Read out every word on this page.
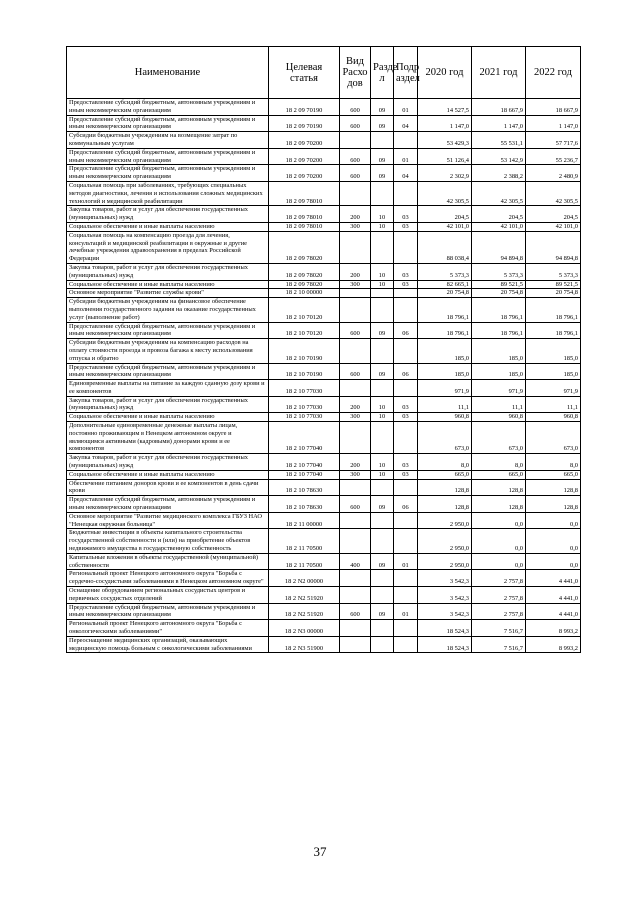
Наименование	Целевая статья	Вид Расхо дов	Разде л	Подр аздел	2020 год	2021 год	2022 год
Предоставление субсидий бюджетным, автономным учреждениям и иным некоммерческим организациям	18 2 09 70190	600	09	01	14 527,5	18 667,9	18 667,9
Предоставление субсидий бюджетным, автономным учреждениям и иным некоммерческим организациям	18 2 09 70190	600	09	04	1 147,0	1 147,0	1 147,0
Субсидии бюджетным учреждениям на возмещение затрат по коммунальным услугам	18 2 09 70200				53 429,3	55 531,1	57 717,6
Предоставление субсидий бюджетным, автономным учреждениям и иным некоммерческим организациям	18 2 09 70200	600	09	01	51 126,4	53 142,9	55 236,7
Предоставление субсидий бюджетным, автономным учреждениям и иным некоммерческим организациям	18 2 09 70200	600	09	04	2 302,9	2 388,2	2 480,9
Социальная помощь при заболеваниях, требующих специальных методов диагностики, лечения и использования сложных медицинских технологий и медицинской реабилитации	18 2 09 78010				42 305,5	42 305,5	42 305,5
Закупка товаров, работ и услуг для обеспечения государственных (муниципальных) нужд	18 2 09 78010	200	10	03	204,5	204,5	204,5
Социальное обеспечение и иные выплаты населению	18 2 09 78010	300	10	03	42 101,0	42 101,0	42 101,0
Социальная помощь на компенсацию проезда для лечения, консультаций и медицинской реабилитации в окружные и другие лечебные учреждения здравоохранения в пределах Российской Федерации	18 2 09 78020				88 038,4	94 894,8	94 894,8
Закупка товаров, работ и услуг для обеспечения государственных (муниципальных) нужд	18 2 09 78020	200	10	03	5 373,3	5 373,3	5 373,3
Социальное обеспечение и иные выплаты населению	18 2 09 78020	300	10	03	82 665,1	89 521,5	89 521,5
Основное мероприятие "Развитие службы крови"	18 2 10 00000				20 754,8	20 754,8	20 754,8
Субсидии бюджетным учреждениям на финансовое обеспечение выполнения государственного задания на оказание государственных услуг (выполнение работ)	18 2 10 70120				18 796,1	18 796,1	18 796,1
Предоставление субсидий бюджетным, автономным учреждениям и иным некоммерческим организациям	18 2 10 70120	600	09	06	18 796,1	18 796,1	18 796,1
Субсидии бюджетным учреждениям на компенсацию расходов на оплату стоимости проезда и провоза багажа к месту использования отпуска и обратно	18 2 10 70190				185,0	185,0	185,0
Предоставление субсидий бюджетным, автономным учреждениям и иным некоммерческим организациям	18 2 10 70190	600	09	06	185,0	185,0	185,0
Единовременные выплаты на питание за каждую сданную дозу крови и ее компонентов	18 2 10 77030				971,9	971,9	971,9
Закупка товаров, работ и услуг для обеспечения государственных (муниципальных) нужд	18 2 10 77030	200	10	03	11,1	11,1	11,1
Социальное обеспечение и иные выплаты населению	18 2 10 77030	300	10	03	960,8	960,8	960,8
Дополнительные единовременные денежные выплаты лицам, постоянно проживающим в Ненецком автономном округе и являющимся активными (кадровыми) донорами крови и ее компонентов	18 2 10 77040				673,0	673,0	673,0
Закупка товаров, работ и услуг для обеспечения государственных (муниципальных) нужд	18 2 10 77040	200	10	03	8,0	8,0	8,0
Социальное обеспечение и иные выплаты населению	18 2 10 77040	300	10	03	665,0	665,0	665,0
Обеспечение питанием доноров крови и ее компонентов в день сдачи крови	18 2 10 78630				128,8	128,8	128,8
Предоставление субсидий бюджетным, автономным учреждениям и иным некоммерческим организациям	18 2 10 78630	600	09	06	128,8	128,8	128,8
Основное мероприятие "Развитие медицинского комплекса ГБУЗ НАО "Ненецкая окружная больница"	18 2 11 00000				2 950,0	0,0	0,0
Бюджетные инвестиции в объекты капитального строительства государственной собственности и (или) на приобретение объектов недвижимого имущества в государственную собственность	18 2 11 70500				2 950,0	0,0	0,0
Капитальные вложения в объекты государственной (муниципальной) собственности	18 2 11 70500	400	09	01	2 950,0	0,0	0,0
Региональный проект Ненецкого автономного округа "Борьба с сердечно-сосудистыми заболеваниями в Ненецком автономном округе"	18 2 N2 00000				3 542,3	2 757,8	4 441,0
Оснащение оборудованием региональных сосудистых центров и первичных сосудистых отделений	18 2 N2 51920				3 542,3	2 757,8	4 441,0
Предоставление субсидий бюджетным, автономным учреждениям и иным некоммерческим организациям	18 2 N2 51920	600	09	01	3 542,3	2 757,8	4 441,0
Региональный проект Ненецкого автономного округа "Борьба с онкологическими заболеваниями"	18 2 N3 00000				18 524,3	7 516,7	8 993,2
Переоснащение медицинских организаций, оказывающих медицинскую помощь больным с онкологическими заболеваниями	18 2 N3 51900				18 524,3	7 516,7	8 993,2
37
